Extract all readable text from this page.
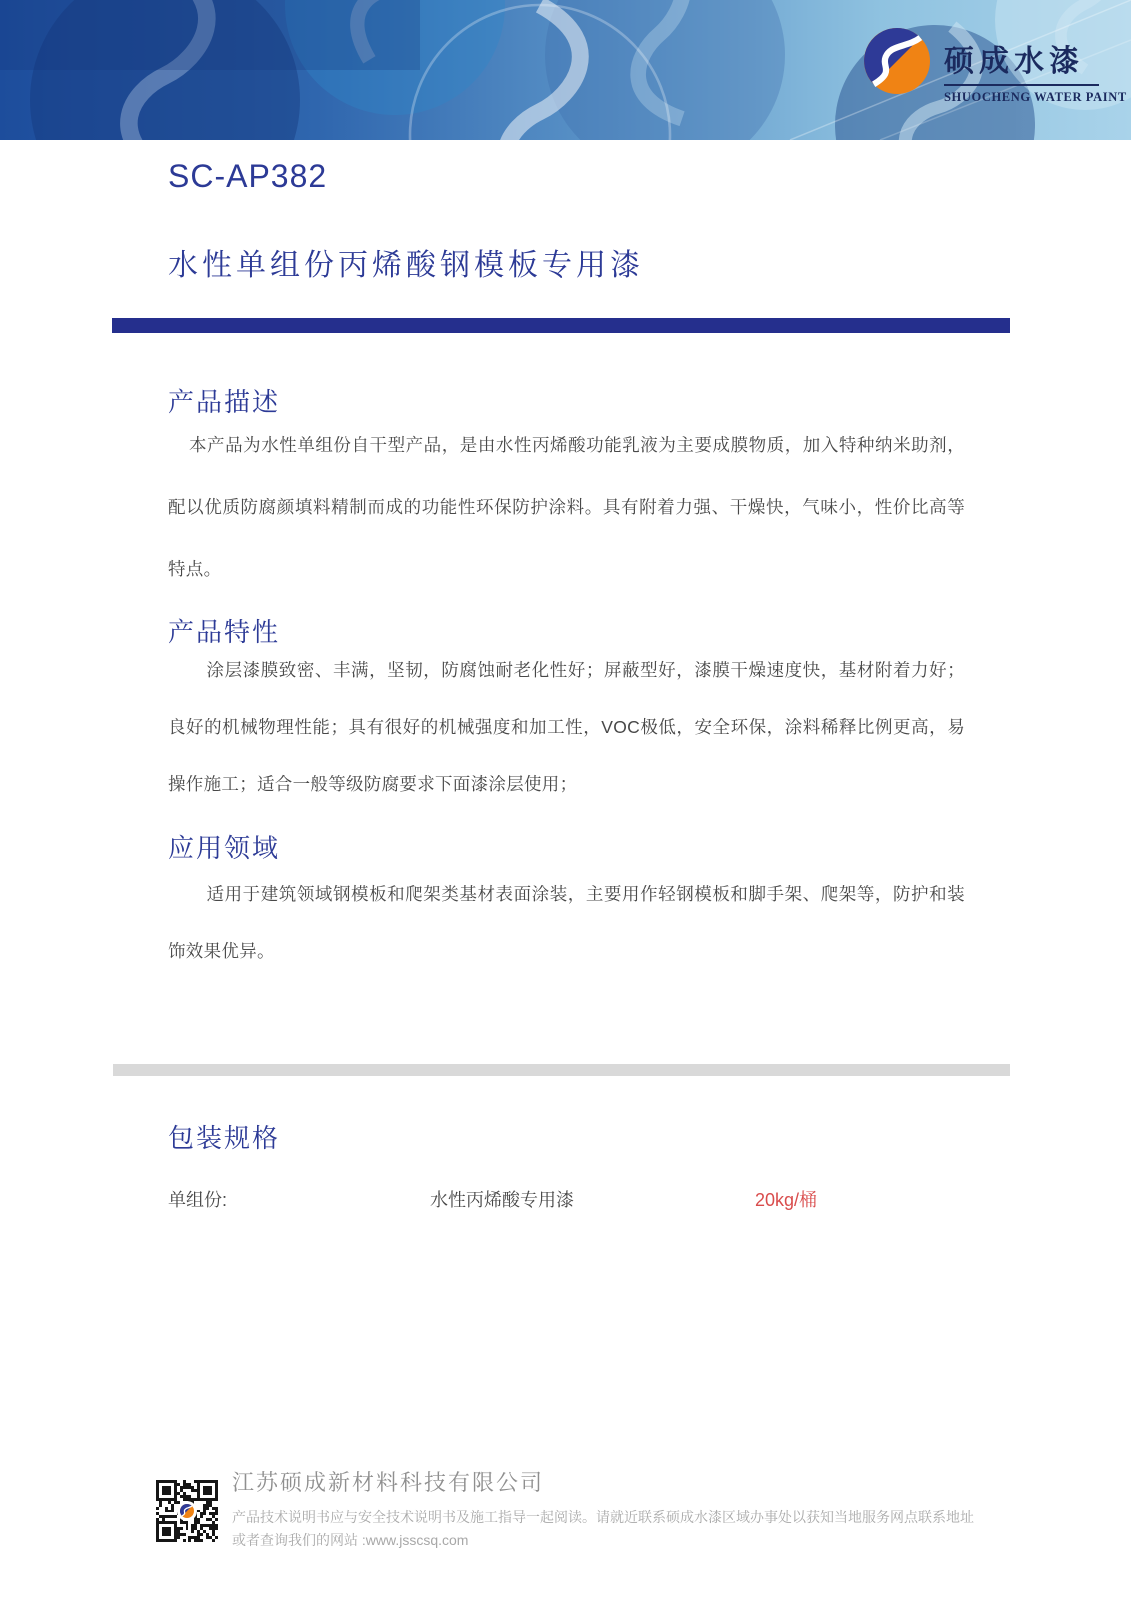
硕成水漆
SHUOCHENG WATER PAINT
SC-AP382
水性单组份丙烯酸钢模板专用漆
产品描述

本产品为水性单组份自干型产品，是由水性丙烯酸功能乳液为主要成膜物质，加入特种纳米助剂，配以优质防腐颜填料精制而成的功能性环保防护涂料。具有附着力强、干燥快，气味小，性价比高等特点。

产品特性

涂层漆膜致密、丰满，坚韧，防腐蚀耐老化性好；屏蔽型好，漆膜干燥速度快，基材附着力好；良好的机械物理性能；具有很好的机械强度和加工性，VOC极低，安全环保，涂料稀释比例更高，易操作施工；适合一般等级防腐要求下面漆涂层使用；

应用领域

适用于建筑领域钢模板和爬架类基材表面涂装，主要用作轻钢模板和脚手架、爬架等，防护和装饰效果优异。

包装规格
单组份:	水性丙烯酸专用漆	20kg/桶
江苏硕成新材料科技有限公司
产品技术说明书应与安全技术说明书及施工指导一起阅读。请就近联系硕成水漆区域办事处以获知当地服务网点联系地址
或者查询我们的网站 :www.jsscsq.com
